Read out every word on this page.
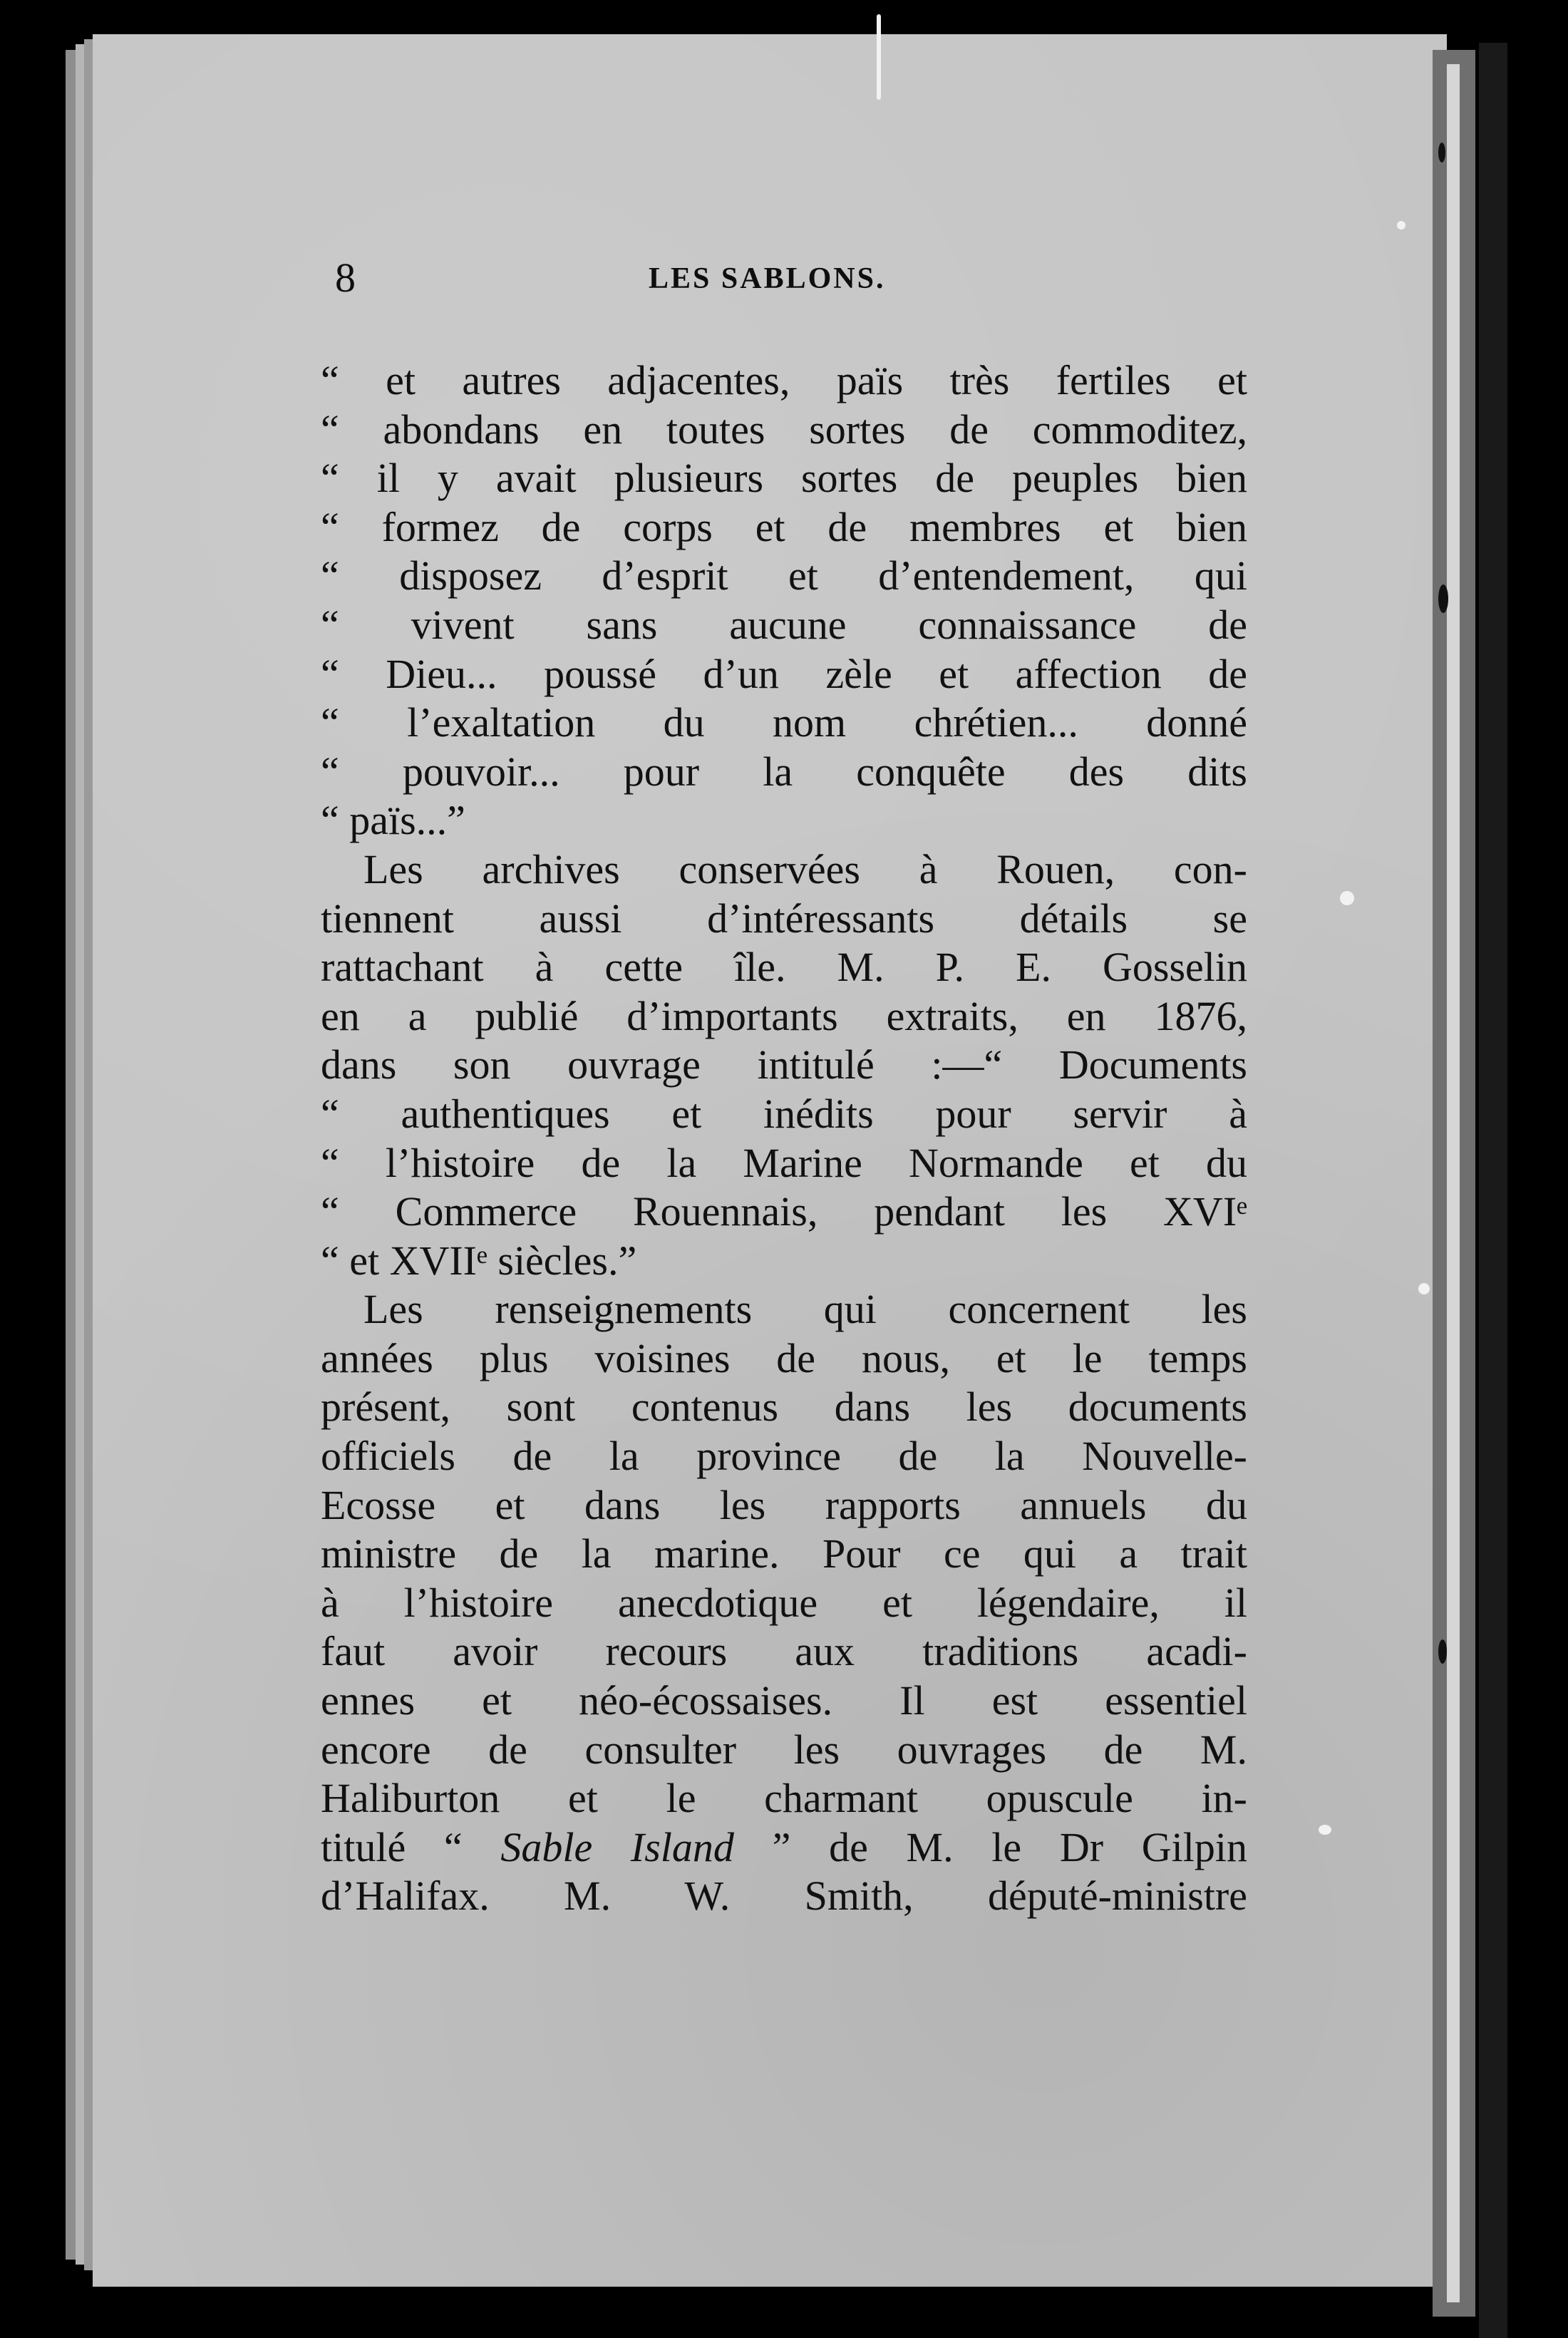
8	LES SABLONS.
“ et autres adjacentes, païs très fertiles et
“ abondans en toutes sortes de commoditez,
“ il y avait plusieurs sortes de peuples bien
“ formez de corps et de membres et bien
“ disposez d’esprit et d’entendement, qui
“ vivent sans aucune connaissance de
“ Dieu... poussé d’un zèle et affection de
“ l’exaltation du nom chrétien... donné
“ pouvoir... pour la conquête des dits
“ païs...”
Les archives conservées à Rouen, con-
tiennent aussi d’intéressants détails se
rattachant à cette île. M. P. E. Gosselin
en a publié d’importants extraits, en 1876,
dans son ouvrage intitulé :—“ Documents
“ authentiques et inédits pour servir à
“ l’histoire de la Marine Normande et du
“ Commerce Rouennais, pendant les XVIᵉ
“ et XVIIᵉ siècles.”
Les renseignements qui concernent les
années plus voisines de nous, et le temps
présent, sont contenus dans les documents
officiels de la province de la Nouvelle-
Ecosse et dans les rapports annuels du
ministre de la marine. Pour ce qui a trait
à l’histoire anecdotique et légendaire, il
faut avoir recours aux traditions acadi-
ennes et néo-écossaises. Il est essentiel
encore de consulter les ouvrages de M.
Haliburton et le charmant opuscule in-
titulé “ Sable Island ” de M. le Dr Gilpin
d’Halifax. M. W. Smith, député-ministre
